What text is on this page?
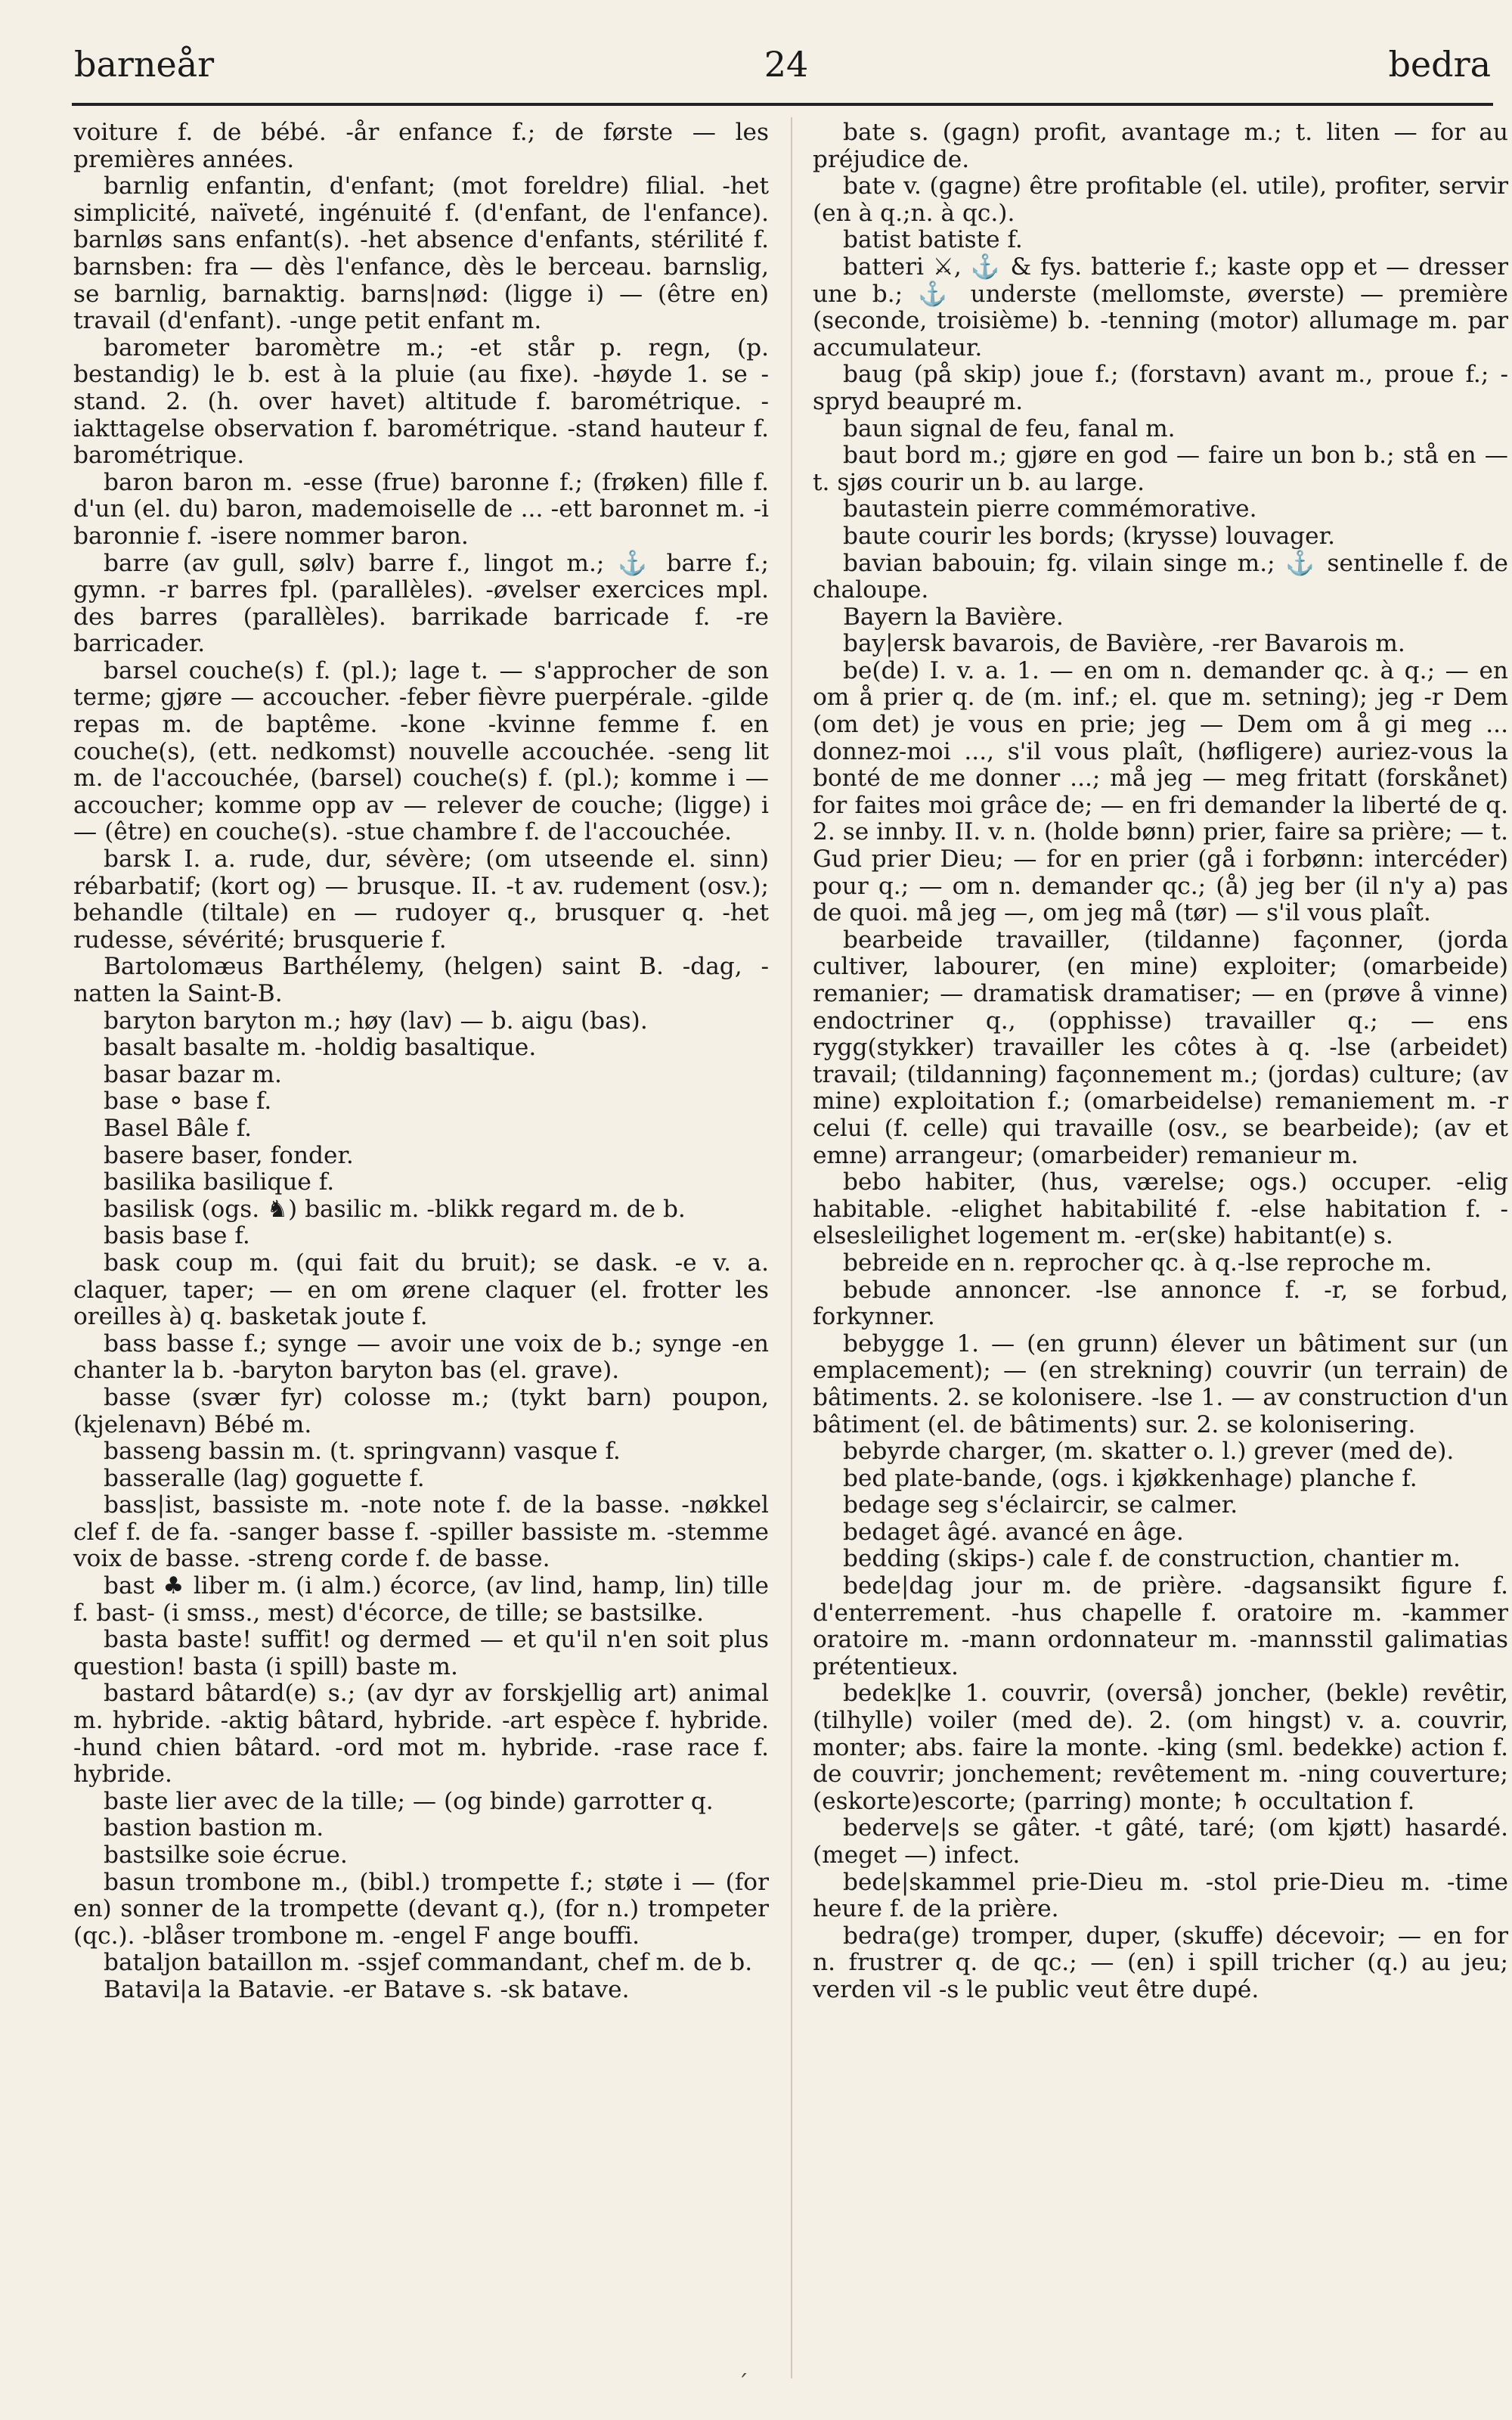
barneår	24	bedra

voiture f. de bébé. -år enfance f.; de første — les premières années.

barnlig enfantin, d'enfant; (mot foreldre) filial. -het simplicité, naïveté, ingénuité f. (d'enfant, de l'enfance). barnløs sans enfant(s). -het absence d'enfants, stérilité f. barnsben: fra — dès l'enfance, dès le berceau. barnslig, se barnlig, barnaktig. barns|nød: (ligge i) — (être en) travail (d'enfant). -unge petit enfant m.

barometer baromètre m.; -et står p. regn, (p. bestandig) le b. est à la pluie (au fixe). -høyde 1. se -stand. 2. (h. over havet) altitude f. barométrique. -iakttagelse observation f. barométrique. -stand hauteur f. barométrique.

baron baron m. -esse (frue) baronne f.; (frøken) fille f. d'un (el. du) baron, mademoiselle de ... -ett baronnet m. -i baronnie f. -isere nommer baron.

barre (av gull, sølv) barre f., lingot m.; ⚓ barre f.; gymn. -r barres fpl. (parallèles). -øvelser exercices mpl. des barres (parallèles). barrikade barricade f. -re barricader.

barsel couche(s) f. (pl.); lage t. — s'approcher de son terme; gjøre — accoucher. -feber fièvre puerpérale. -gilde repas m. de baptême. -kone -kvinne femme f. en couche(s), (ett. nedkomst) nouvelle accouchée. -seng lit m. de l'accouchée, (barsel) couche(s) f. (pl.); komme i — accoucher; komme opp av — relever de couche; (ligge) i — (être) en couche(s). -stue chambre f. de l'accouchée.

barsk I. a. rude, dur, sévère; (om utseende el. sinn) rébarbatif; (kort og) — brusque. II. -t av. rudement (osv.); behandle (tiltale) en — rudoyer q., brusquer q. -het rudesse, sévérité; brusquerie f.

Bartolomæus Barthélemy, (helgen) saint B. -dag, -natten la Saint-B.

baryton baryton m.; høy (lav) — b. aigu (bas).

basalt basalte m. -holdig basaltique.

basar bazar m.

base ⚬ base f.

Basel Bâle f.

basere baser, fonder.

basilika basilique f.

basilisk (ogs. ♞) basilic m. -blikk regard m. de b.

basis base f.

bask coup m. (qui fait du bruit); se dask. -e v. a. claquer, taper; — en om ørene claquer (el. frotter les oreilles à) q. basketak joute f.

bass basse f.; synge — avoir une voix de b.; synge -en chanter la b. -baryton baryton bas (el. grave).

basse (svær fyr) colosse m.; (tykt barn) poupon, (kjelenavn) Bébé m.

basseng bassin m. (t. springvann) vasque f.

basseralle (lag) goguette f.

bass|ist, bassiste m. -note note f. de la basse. -nøkkel clef f. de fa. -sanger basse f. -spiller bassiste m. -stemme voix de basse. -streng corde f. de basse.

bast ♣ liber m. (i alm.) écorce, (av lind, hamp, lin) tille f. bast- (i smss., mest) d'écorce, de tille; se bastsilke.

basta baste! suffit! og dermed — et qu'il n'en soit plus question! basta (i spill) baste m.

bastard bâtard(e) s.; (av dyr av forskjellig art) animal m. hybride. -aktig bâtard, hybride. -art espèce f. hybride. -hund chien bâtard. -ord mot m. hybride. -rase race f. hybride.

baste lier avec de la tille; — (og binde) garrotter q.

bastion bastion m.

bastsilke soie écrue.

basun trombone m., (bibl.) trompette f.; støte i — (for en) sonner de la trompette (devant q.), (for n.) trompeter (qc.). -blåser trombone m. -engel F ange bouffi.

bataljon bataillon m. -ssjef commandant, chef m. de b.

Batavi|a la Batavie. -er Batave s. -sk batave.

bate s. (gagn) profit, avantage m.; t. liten — for au préjudice de.

bate v. (gagne) être profitable (el. utile), profiter, servir (en à q.;n. à qc.).

batist batiste f.

batteri ⚔, ⚓ & fys. batterie f.; kaste opp et — dresser une b.; ⚓ underste (mellomste, øverste) — première (seconde, troisième) b. -tenning (motor) allumage m. par accumulateur.

baug (på skip) joue f.; (forstavn) avant m., proue f.; -spryd beaupré m.

baun signal de feu, fanal m.

baut bord m.; gjøre en god — faire un bon b.; stå en — t. sjøs courir un b. au large.

bautastein pierre commémorative.

baute courir les bords; (krysse) louvager.

bavian babouin; fg. vilain singe m.; ⚓ sentinelle f. de chaloupe.

Bayern la Bavière.

bay|ersk bavarois, de Bavière, -rer Bavarois m.

be(de) I. v. a. 1. — en om n. demander qc. à q.; — en om å prier q. de (m. inf.; el. que m. setning); jeg -r Dem (om det) je vous en prie; jeg — Dem om å gi meg ... donnez-moi ..., s'il vous plaît, (høfligere) auriez-vous la bonté de me donner ...; må jeg — meg fritatt (forskånet) for faites moi grâce de; — en fri demander la liberté de q. 2. se innby. II. v. n. (holde bønn) prier, faire sa prière; — t. Gud prier Dieu; — for en prier (gå i forbønn: intercéder) pour q.; — om n. demander qc.; (å) jeg ber (il n'y a) pas de quoi. må jeg —, om jeg må (tør) — s'il vous plaît.

bearbeide travailler, (tildanne) façonner, (jorda cultiver, labourer, (en mine) exploiter; (omarbeide) remanier; — dramatisk dramatiser; — en (prøve å vinne) endoctriner q., (opphisse) travailler q.; — ens rygg(stykker) travailler les côtes à q. -lse (arbeidet) travail; (tildanning) façonnement m.; (jordas) culture; (av mine) exploitation f.; (omarbeidelse) remaniement m. -r celui (f. celle) qui travaille (osv., se bearbeide); (av et emne) arrangeur; (omarbeider) remanieur m.

bebo habiter, (hus, værelse; ogs.) occuper. -elig habitable. -elighet habitabilité f. -else habitation f. -elsesleilighet logement m. -er(ske) habitant(e) s.

bebreide en n. reprocher qc. à q.-lse reproche m.

bebude annoncer. -lse annonce f. -r, se forbud, forkynner.

bebygge 1. — (en grunn) élever un bâtiment sur (un emplacement); — (en strekning) couvrir (un terrain) de bâtiments. 2. se kolonisere. -lse 1. — av construction d'un bâtiment (el. de bâtiments) sur. 2. se kolonisering.

bebyrde charger, (m. skatter o. l.) grever (med de).

bed plate-bande, (ogs. i kjøkkenhage) planche f.

bedage seg s'éclaircir, se calmer.

bedaget âgé. avancé en âge.

bedding (skips-) cale f. de construction, chantier m.

bede|dag jour m. de prière. -dagsansikt figure f. d'enterrement. -hus chapelle f. oratoire m. -kammer oratoire m. -mann ordonnateur m. -mannsstil galimatias prétentieux.

bedek|ke 1. couvrir, (overså) joncher, (bekle) revêtir, (tilhylle) voiler (med de). 2. (om hingst) v. a. couvrir, monter; abs. faire la monte. -king (sml. bedekke) action f. de couvrir; jonchement; revêtement m. -ning couverture; (eskorte)escorte; (parring) monte; ♄ occultation f.

bederve|s se gâter. -t gâté, taré; (om kjøtt) hasardé. (meget —) infect.

bede|skammel prie-Dieu m. -stol prie-Dieu m. -time heure f. de la prière.

bedra(ge) tromper, duper, (skuffe) décevoir; — en for n. frustrer q. de qc.; — (en) i spill tricher (q.) au jeu; verden vil -s le public veut être dupé.

ˊ
